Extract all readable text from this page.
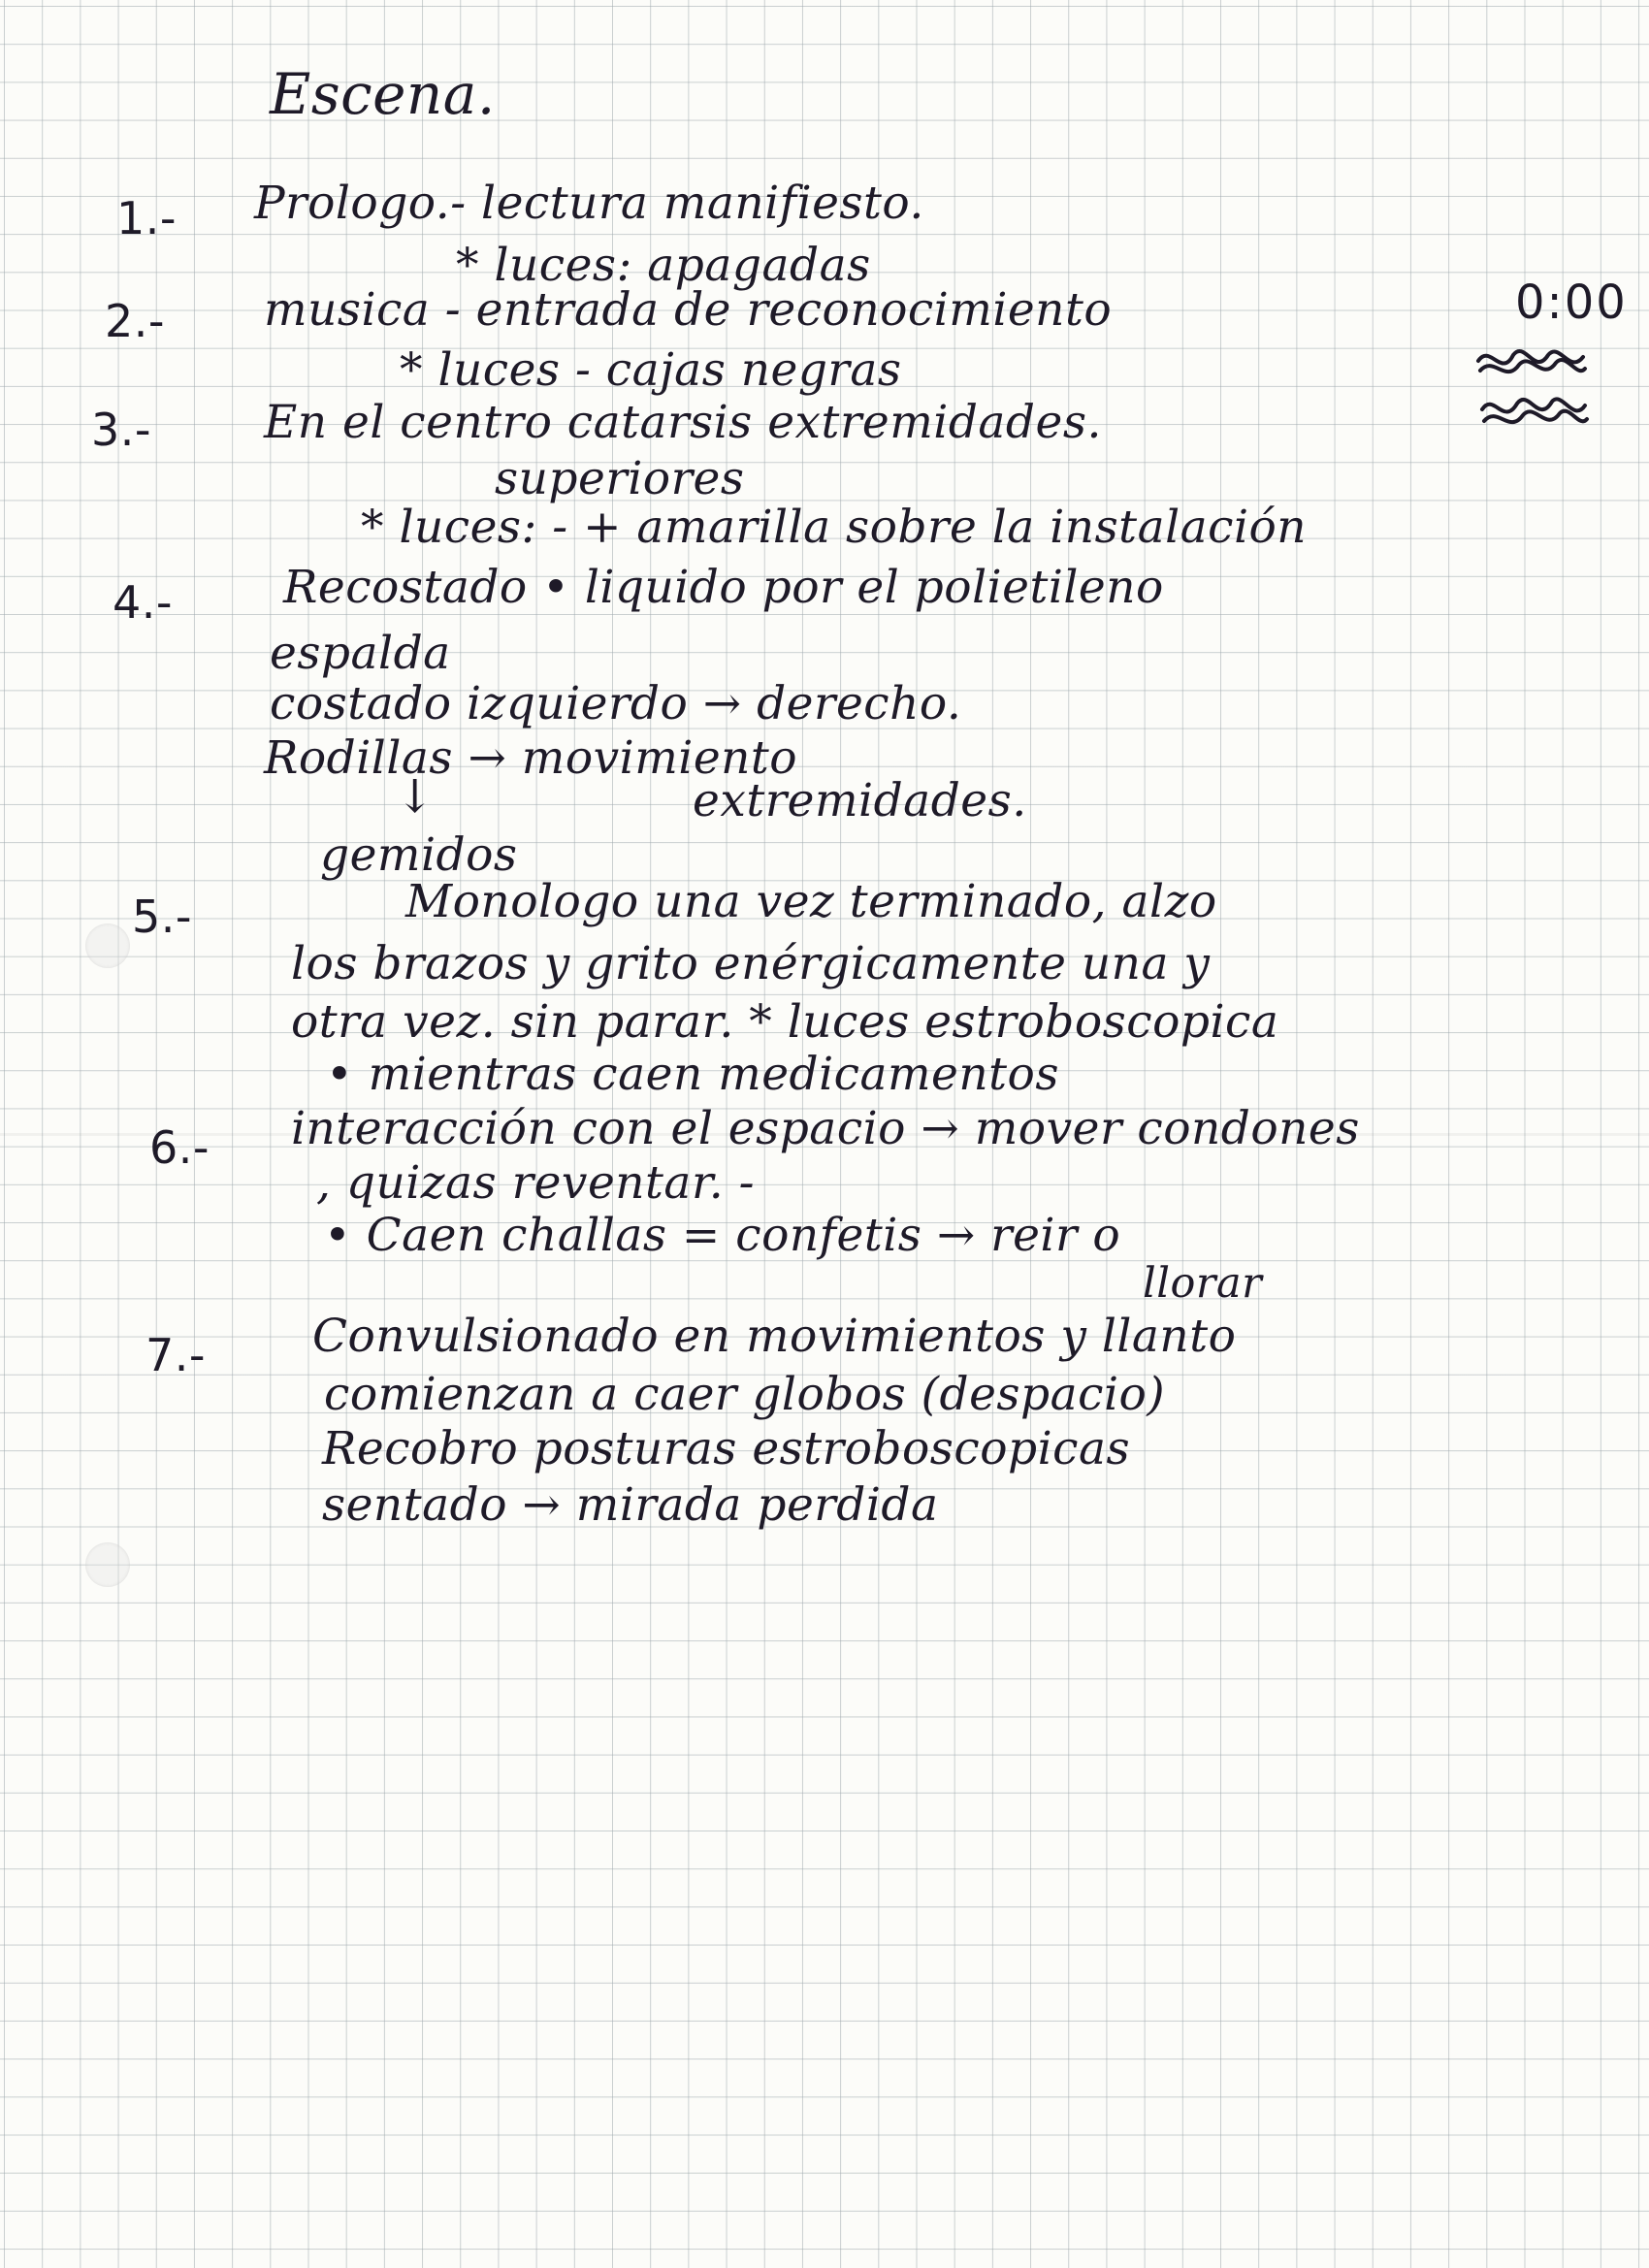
Escena.
1.- Prologo.- lectura manifiesto.
* luces: apagadas
2.- musica - entrada de reconocimiento	0:00
* luces - cajas negras
3.- En el centro catarsis extremidades.
superiores
* luces: - + amarilla sobre la instalación
4.- Recostado • liquido por el polietileno
espalda
costado izquierdo → derecho.
Rodillas → movimiento
extremidades.
↓
gemidos
5.-	Monologo una vez terminado, alzo
los brazos y grito enérgicamente una y
otra vez. sin parar. * luces estroboscopica
• mientras caen medicamentos
6.- interacción con el espacio → mover condones
, quizas reventar. -
• Caen challas = confetis → reir o
llorar
7.- Convulsionado en movimientos y llanto
comienzan a caer globos (despacio)
Recobro posturas estroboscopicas
sentado → mirada perdida
